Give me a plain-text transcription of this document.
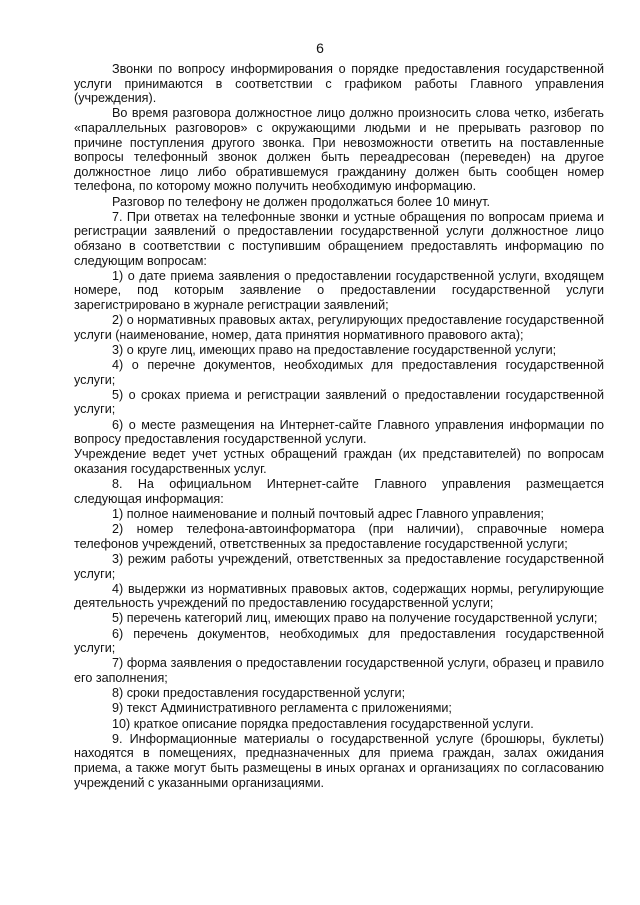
6

Звонки по вопросу информирования о порядке предоставления государственной услуги принимаются в соответствии с графиком работы Главного управления (учреждения).

Во время разговора должностное лицо должно произносить слова четко, избегать «параллельных разговоров» с окружающими людьми и не прерывать разговор по причине поступления другого звонка. При невозможности ответить на поставленные вопросы телефонный звонок должен быть переадресован (переведен) на другое должностное лицо либо обратившемуся гражданину должен быть сообщен номер телефона, по которому можно получить необходимую информацию.

Разговор по телефону не должен продолжаться более 10 минут.

7. При ответах на телефонные звонки и устные обращения по вопросам приема и регистрации заявлений о предоставлении государственной услуги должностное лицо обязано в соответствии с поступившим обращением предоставлять информацию по следующим вопросам:

1) о дате приема заявления о предоставлении государственной услуги, входящем номере, под которым заявление о предоставлении государственной услуги зарегистрировано в журнале регистрации заявлений;

2) о нормативных правовых актах, регулирующих предоставление государственной услуги (наименование, номер, дата принятия нормативного правового акта);

3) о круге лиц, имеющих право на предоставление государственной услуги;

4) о перечне документов, необходимых для предоставления государственной услуги;

5) о сроках приема и регистрации заявлений о предоставлении государственной услуги;

6) о месте размещения на Интернет-сайте Главного управления информации по вопросу предоставления государственной услуги.

Учреждение ведет учет устных обращений граждан (их представителей) по вопросам оказания государственных услуг.

8. На официальном Интернет-сайте Главного управления размещается следующая информация:

1) полное наименование и полный почтовый адрес Главного управления;

2) номер телефона-автоинформатора (при наличии), справочные номера телефонов учреждений, ответственных за предоставление государственной услуги;

3) режим работы учреждений, ответственных за предоставление государственной услуги;

4) выдержки из нормативных правовых актов, содержащих нормы, регулирующие деятельность учреждений по предоставлению государственной услуги;

5) перечень категорий лиц, имеющих право на получение государственной услуги;

6) перечень документов, необходимых для предоставления государственной услуги;

7) форма заявления о предоставлении государственной услуги, образец и правило его заполнения;

8) сроки предоставления государственной услуги;

9) текст Административного регламента с приложениями;

10) краткое описание порядка предоставления государственной услуги.

9. Информационные материалы о государственной услуге (брошюры, буклеты) находятся в помещениях, предназначенных для приема граждан, залах ожидания приема, а также могут быть размещены в иных органах и организациях по согласованию учреждений с указанными организациями.
